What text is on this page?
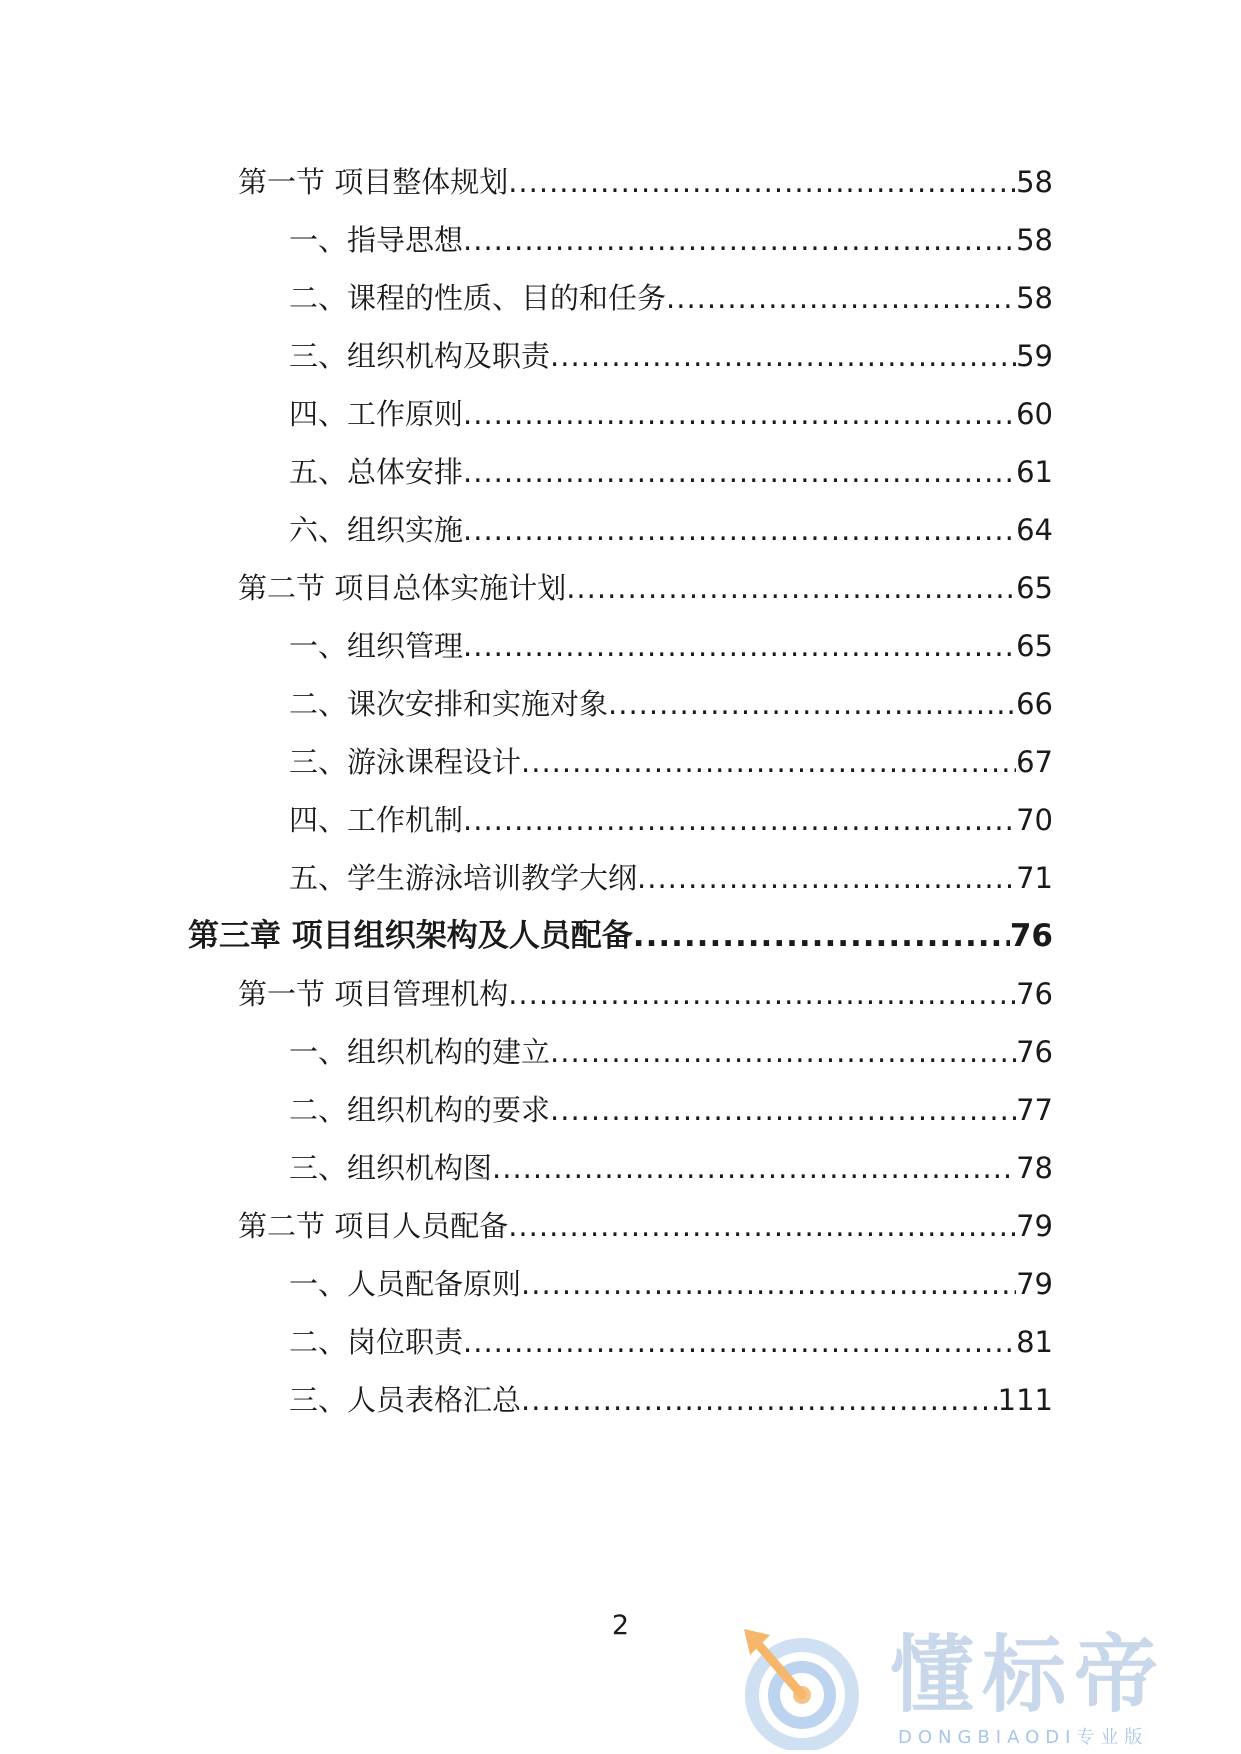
第一节 项目整体规划 .....	58
一、指导思想 .....	58
二、课程的性质、目的和任务 .....	58
三、组织机构及职责 .....	59
四、工作原则 .....	60
五、总体安排 .....	61
六、组织实施 .....	64
第二节 项目总体实施计划 .....	65
一、组织管理 .....	65
二、课次安排和实施对象 .....	66
三、游泳课程设计 .....	67
四、工作机制 .....	70
五、学生游泳培训教学大纲 .....	71
第三章 项目组织架构及人员配备 .....	76
第一节 项目管理机构 .....	76
一、组织机构的建立 .....	76
二、组织机构的要求 .....	77
三、组织机构图 .....	78
第二节 项目人员配备 .....	79
一、人员配备原则 .....	79
二、岗位职责 .....	81
三、人员表格汇总 .....	111
2
懂标帝
DONGBIAODI专业版
